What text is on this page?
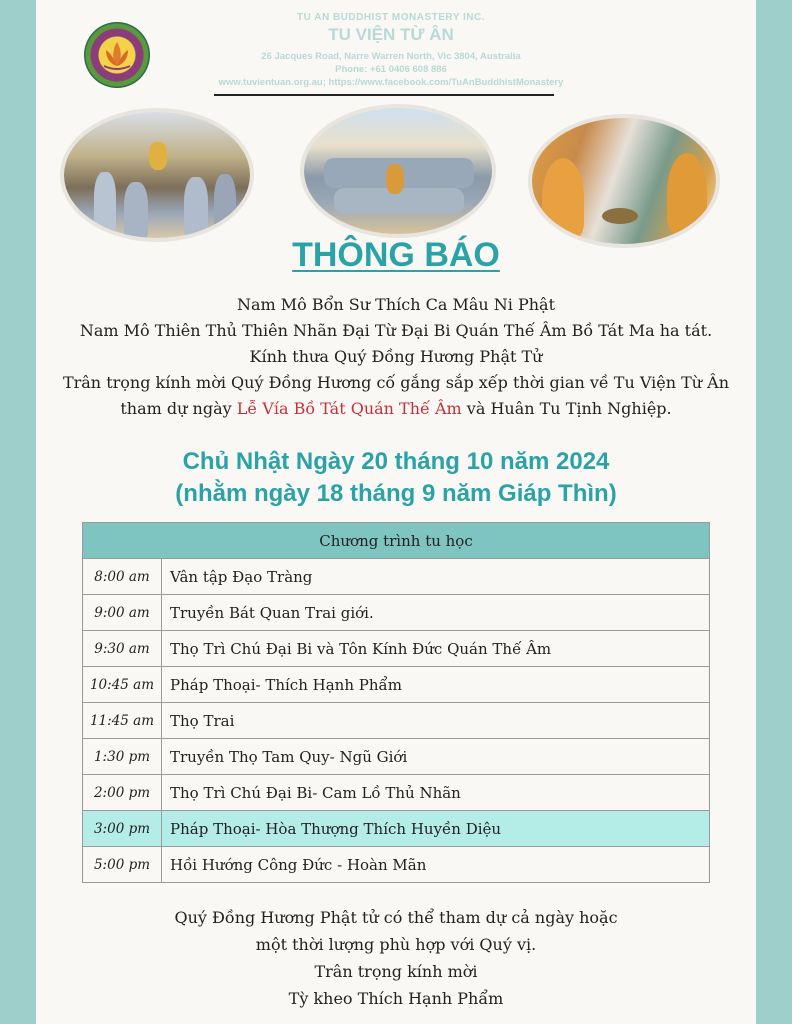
TU AN BUDDHIST MONASTERY INC.
TU VIỆN TỪ ÂN
26 Jacques Road, Narre Warren North, Vic 3804, Australia
Phone: +61 0406 608 886
www.tuvientuan.org.au; https://www.facebook.com/TuAnBuddhistMonastery
THÔNG BÁO
Nam Mô Bổn Sư Thích Ca Mâu Ni Phật
Nam Mô Thiên Thủ Thiên Nhãn Đại Từ Đại Bi Quán Thế Âm Bồ Tát Ma ha tát.
Kính thưa Quý Đồng Hương Phật Tử
Trân trọng kính mời Quý Đồng Hương cố gắng sắp xếp thời gian về Tu Viện Từ Ân
tham dự ngày Lễ Vía Bồ Tát Quán Thế Âm và Huân Tu Tịnh Nghiệp.
Chủ Nhật Ngày 20 tháng 10 năm 2024
(nhằm ngày 18 tháng 9 năm Giáp Thìn)
Chương trình tu học	
8:00 am	Vân tập Đạo Tràng
9:00 am	Truyền Bát Quan Trai giới.
9:30 am	Thọ Trì Chú Đại Bi và Tôn Kính Đức Quán Thế Âm
10:45 am	Pháp Thoại- Thích Hạnh Phẩm
11:45 am	Thọ Trai
1:30 pm	Truyền Thọ Tam Quy- Ngũ Giới
2:00 pm	Thọ Trì Chú Đại Bi- Cam Lồ Thủ Nhãn
3:00 pm	Pháp Thoại- Hòa Thượng Thích Huyền Diệu
5:00 pm	Hồi Hướng Công Đức - Hoàn Mãn
Quý Đồng Hương Phật tử có thể tham dự cả ngày hoặc
một thời lượng phù hợp với Quý vị.
Trân trọng kính mời
Tỳ kheo Thích Hạnh Phẩm
